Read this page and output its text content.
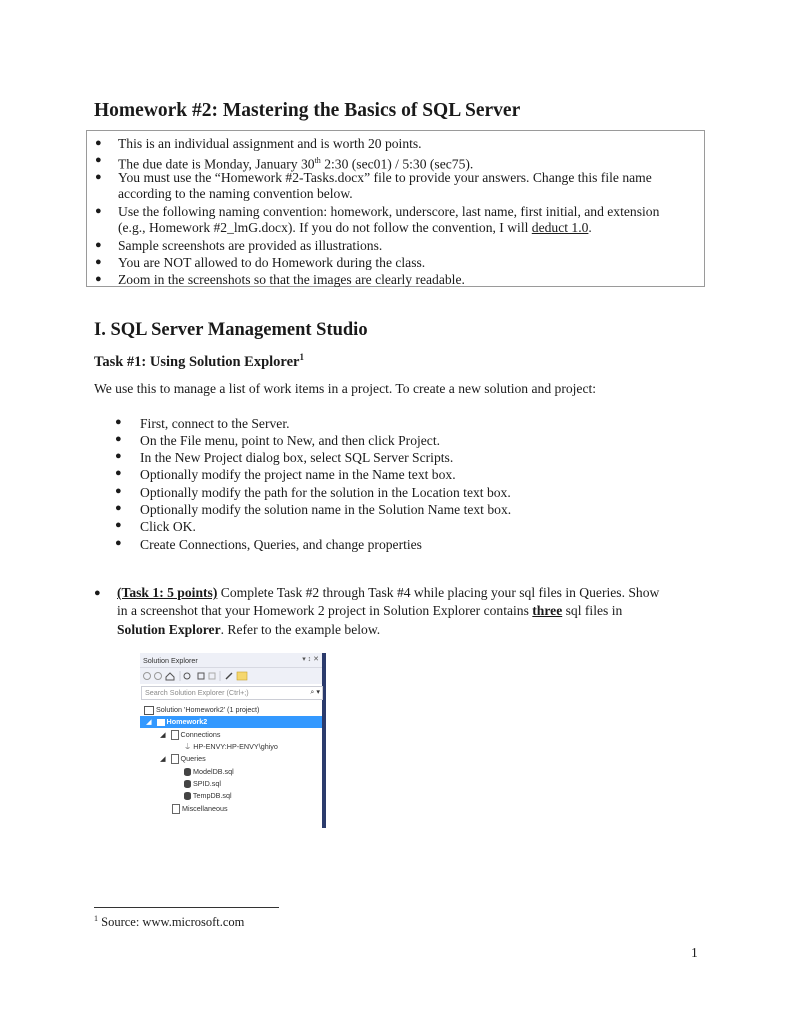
Homework #2: Mastering the Basics of SQL Server
● This is an individual assignment and is worth 20 points.
● The due date is Monday, January 30th 2:30 (sec01) / 5:30 (sec75).
● You must use the “Homework #2-Tasks.docx” file to provide your answers. Change this file name
according to the naming convention below.
● Use the following naming convention: homework, underscore, last name, first initial, and extension
(e.g., Homework #2_lmG.docx). If you do not follow the convention, I will deduct 1.0.
● Sample screenshots are provided as illustrations.
● You are NOT allowed to do Homework during the class.
● Zoom in the screenshots so that the images are clearly readable.
I. SQL Server Management Studio
Task #1: Using Solution Explorer$^1$
We use this to manage a list of work items in a project. To create a new solution and project:
● First, connect to the Server.
● On the File menu, point to New, and then click Project.
● In the New Project dialog box, select SQL Server Scripts.
● Optionally modify the project name in the Name text box.
● Optionally modify the path for the solution in the Location text box.
● Optionally modify the solution name in the Solution Name text box.
● Click OK.
● Create Connections, Queries, and change properties
● (Task 1: 5 points) Complete Task #2 through Task #4 while placing your sql files in Queries. Show
in a screenshot that your Homework 2 project in Solution Explorer contains three sql files in
Solution Explorer. Refer to the example below.
Solution Explorer	▾ ↕ ✕
Search Solution Explorer (Ctrl+;)	⌕ ▾
Solution 'Homework2' (1 project)
◢ Homework2
◢ Connections
⏚ HP-ENVY:HP-ENVY\ghiyo
◢ Queries
ModelDB.sql
SPID.sql
TempDB.sql
Miscellaneous
$^1$ Source: www.microsoft.com
1
